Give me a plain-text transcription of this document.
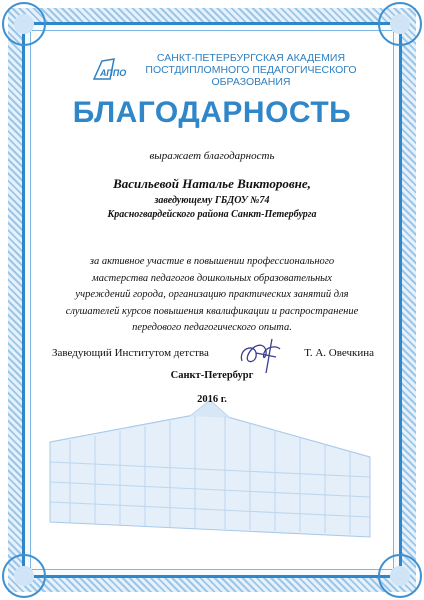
АППО
САНКТ-ПЕТЕРБУРГСКАЯ АКАДЕМИЯ
ПОСТДИПЛОМНОГО ПЕДАГОГИЧЕСКОГО
ОБРАЗОВАНИЯ
БЛАГОДАРНОСТЬ
выражает благодарность
Васильевой Наталье Викторовне,
заведующему ГБДОУ №74
Красногвардейского района Санкт-Петербурга
за активное участие в повышении профессионального
мастерства педагогов дошкольных образовательных
учреждений города, организацию практических занятий для
слушателей курсов повышения квалификации и распространение
передового педагогического опыта.
Заведующий Институтом детства	Т. А. Овечкина
Санкт-Петербург
2016 г.
